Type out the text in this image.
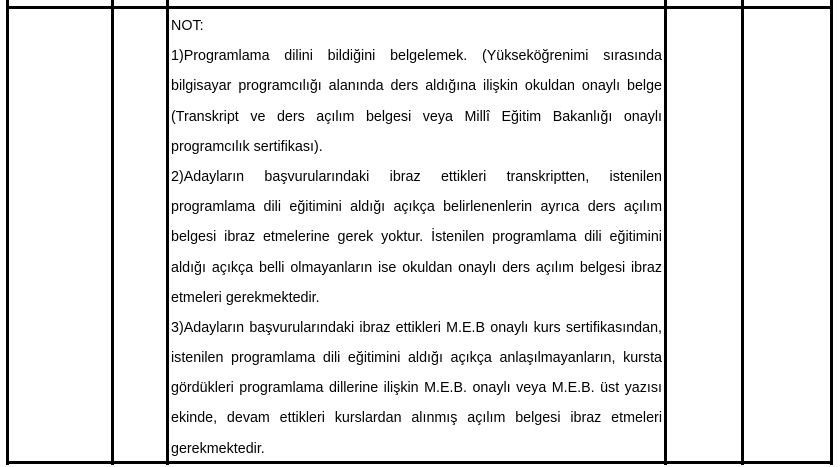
NOT:
1)Programlama dilini bildiğini belgelemek. (Yükseköğrenimi sırasında
bilgisayar programcılığı alanında ders aldığına ilişkin okuldan onaylı belge
(Transkript ve ders açılım belgesi veya Millî Eğitim Bakanlığı onaylı
programcılık sertifikası).
2)Adayların başvurularındaki ibraz ettikleri transkriptten, istenilen
programlama dili eğitimini aldığı açıkça belirlenenlerin ayrıca ders açılım
belgesi ibraz etmelerine gerek yoktur. İstenilen programlama dili eğitimini
aldığı açıkça belli olmayanların ise okuldan onaylı ders açılım belgesi ibraz
etmeleri gerekmektedir.
3)Adayların başvurularındaki ibraz ettikleri M.E.B onaylı kurs sertifikasından,
istenilen programlama dili eğitimini aldığı açıkça anlaşılmayanların, kursta
gördükleri programlama dillerine ilişkin M.E.B. onaylı veya M.E.B. üst yazısı
ekinde, devam ettikleri kurslardan alınmış açılım belgesi ibraz etmeleri
gerekmektedir.
